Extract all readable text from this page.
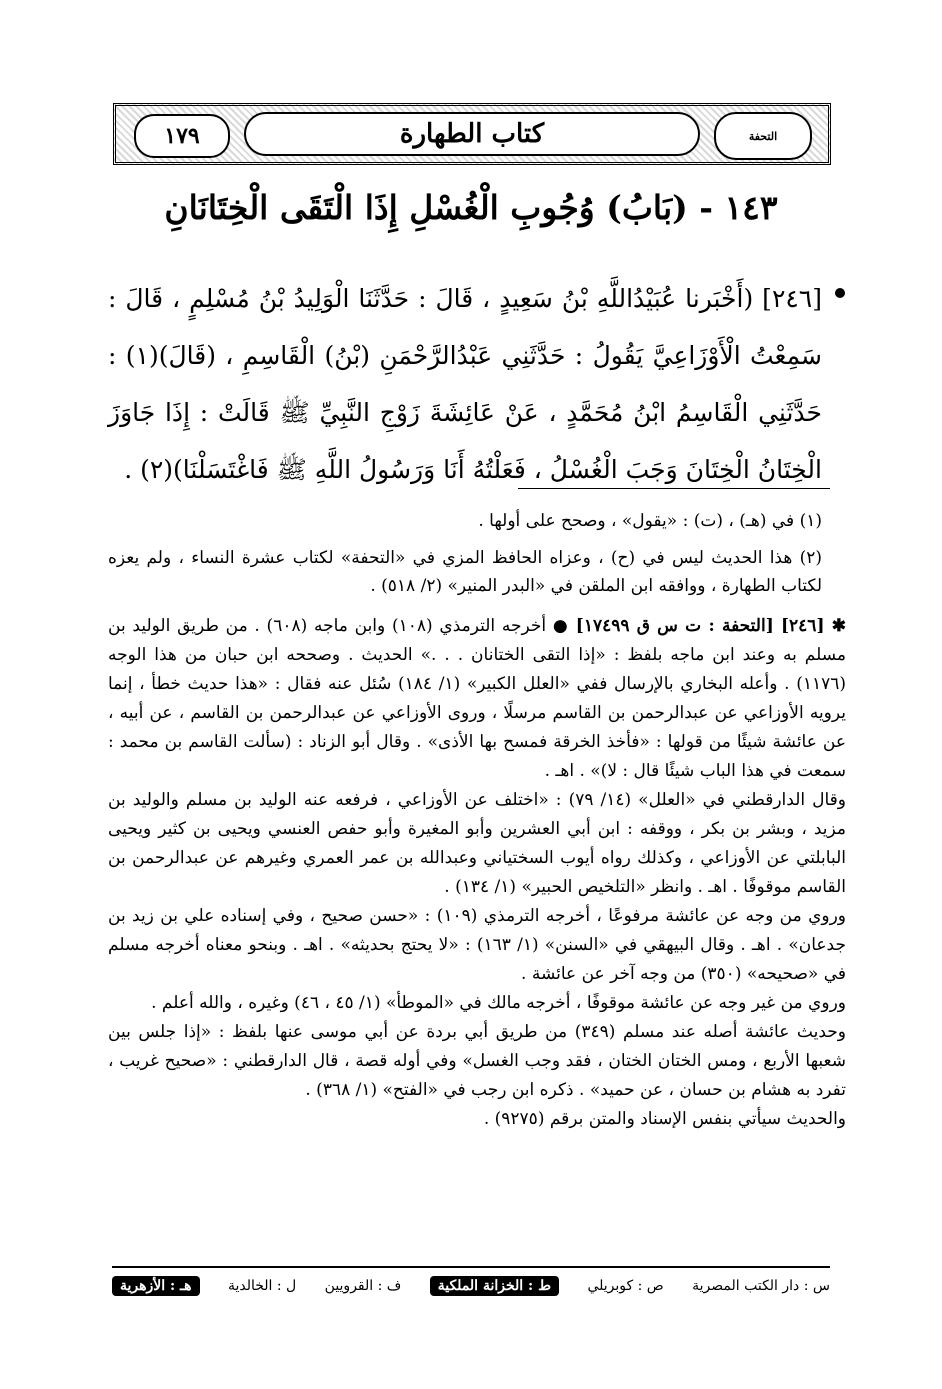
١٧٩	كتاب الطهارة	التحفة
١٤٣ - (بَابُ) وُجُوبِ الْغُسْلِ إِذَا الْتَقَى الْخِتَانَانِ
[٢٤٦] (أَخْبَرنا عُبَيْدُاللَّهِ بْنُ سَعِيدٍ ، قَالَ : حَدَّثَنَا الْوَلِيدُ بْنُ مُسْلِمٍ ، قَالَ : سَمِعْتُ الْأَوْزَاعِيَّ يَقُولُ : حَدَّثَنِي عَبْدُالرَّحْمَنِ (بْنُ) الْقَاسِمِ ، (قَالَ)(١) : حَدَّثَنِي الْقَاسِمُ ابْنُ مُحَمَّدٍ ، عَنْ عَائِشَةَ زَوْجِ النَّبِيِّ ﷺ قَالَتْ : إِذَا جَاوَزَ الْخِتَانُ الْخِتَانَ وَجَبَ الْغُسْلُ ، فَعَلْتُهُ أَنَا وَرَسُولُ اللَّهِ ﷺ فَاغْتَسَلْنَا)(٢) .
(١) في (هـ) ، (ت) : «يقول» ، وصحح على أولها .
(٢) هذا الحديث ليس في (ح) ، وعزاه الحافظ المزي في «التحفة» لكتاب عشرة النساء ، ولم يعزه لكتاب الطهارة ، ووافقه ابن الملقن في «البدر المنير» (٢/ ٥١٨) .

✱ [٢٤٦] [التحفة : ت س ق ١٧٤٩٩] ● أخرجه الترمذي (١٠٨) وابن ماجه (٦٠٨) . من طريق الوليد بن مسلم به وعند ابن ماجه بلفظ : «إذا التقى الختانان . . .» الحديث . وصححه ابن حبان من هذا الوجه (١١٧٦) . وأعله البخاري بالإرسال ففي «العلل الكبير» (١/ ١٨٤) سُئل عنه فقال : «هذا حديث خطأ ، إنما يرويه الأوزاعي عن عبدالرحمن بن القاسم مرسلًا ، وروى الأوزاعي عن عبدالرحمن بن القاسم ، عن أبيه ، عن عائشة شيئًا من قولها : «فأخذ الخرقة فمسح بها الأذى» . وقال أبو الزناد : (سألت القاسم بن محمد : سمعت في هذا الباب شيئًا قال : لا)» . اهـ .

وقال الدارقطني في «العلل» (١٤/ ٧٩) : «اختلف عن الأوزاعي ، فرفعه عنه الوليد بن مسلم والوليد بن مزيد ، وبشر بن بكر ، ووقفه : ابن أبي العشرين وأبو المغيرة وأبو حفص العنسي ويحيى بن كثير ويحيى البابلتي عن الأوزاعي ، وكذلك رواه أيوب السختياني وعبدالله بن عمر العمري وغيرهم عن عبدالرحمن بن القاسم موقوفًا . اهـ . وانظر «التلخيص الحبير» (١/ ١٣٤) .

وروي من وجه عن عائشة مرفوعًا ، أخرجه الترمذي (١٠٩) : «حسن صحيح ، وفي إسناده علي بن زيد بن جدعان» . اهـ . وقال البيهقي في «السنن» (١/ ١٦٣) : «لا يحتج بحديثه» . اهـ . وبنحو معناه أخرجه مسلم في «صحيحه» (٣٥٠) من وجه آخر عن عائشة .

وروي من غير وجه عن عائشة موقوفًا ، أخرجه مالك في «الموطأ» (١/ ٤٥ ، ٤٦) وغيره ، والله أعلم .

وحديث عائشة أصله عند مسلم (٣٤٩) من طريق أبي بردة عن أبي موسى عنها بلفظ : «إذا جلس بين شعبها الأربع ، ومس الختان الختان ، فقد وجب الغسل» وفي أوله قصة ، قال الدارقطني : «صحيح غريب ، تفرد به هشام بن حسان ، عن حميد» . ذكره ابن رجب في «الفتح» (١/ ٣٦٨) .

والحديث سيأتي بنفس الإسناد والمتن برقم (٩٢٧٥) .

س : دار الكتب المصرية
ص : كوبريلي
ط : الخزانة الملكية
ف : القرويين
ل : الخالدية
هـ : الأزهرية
